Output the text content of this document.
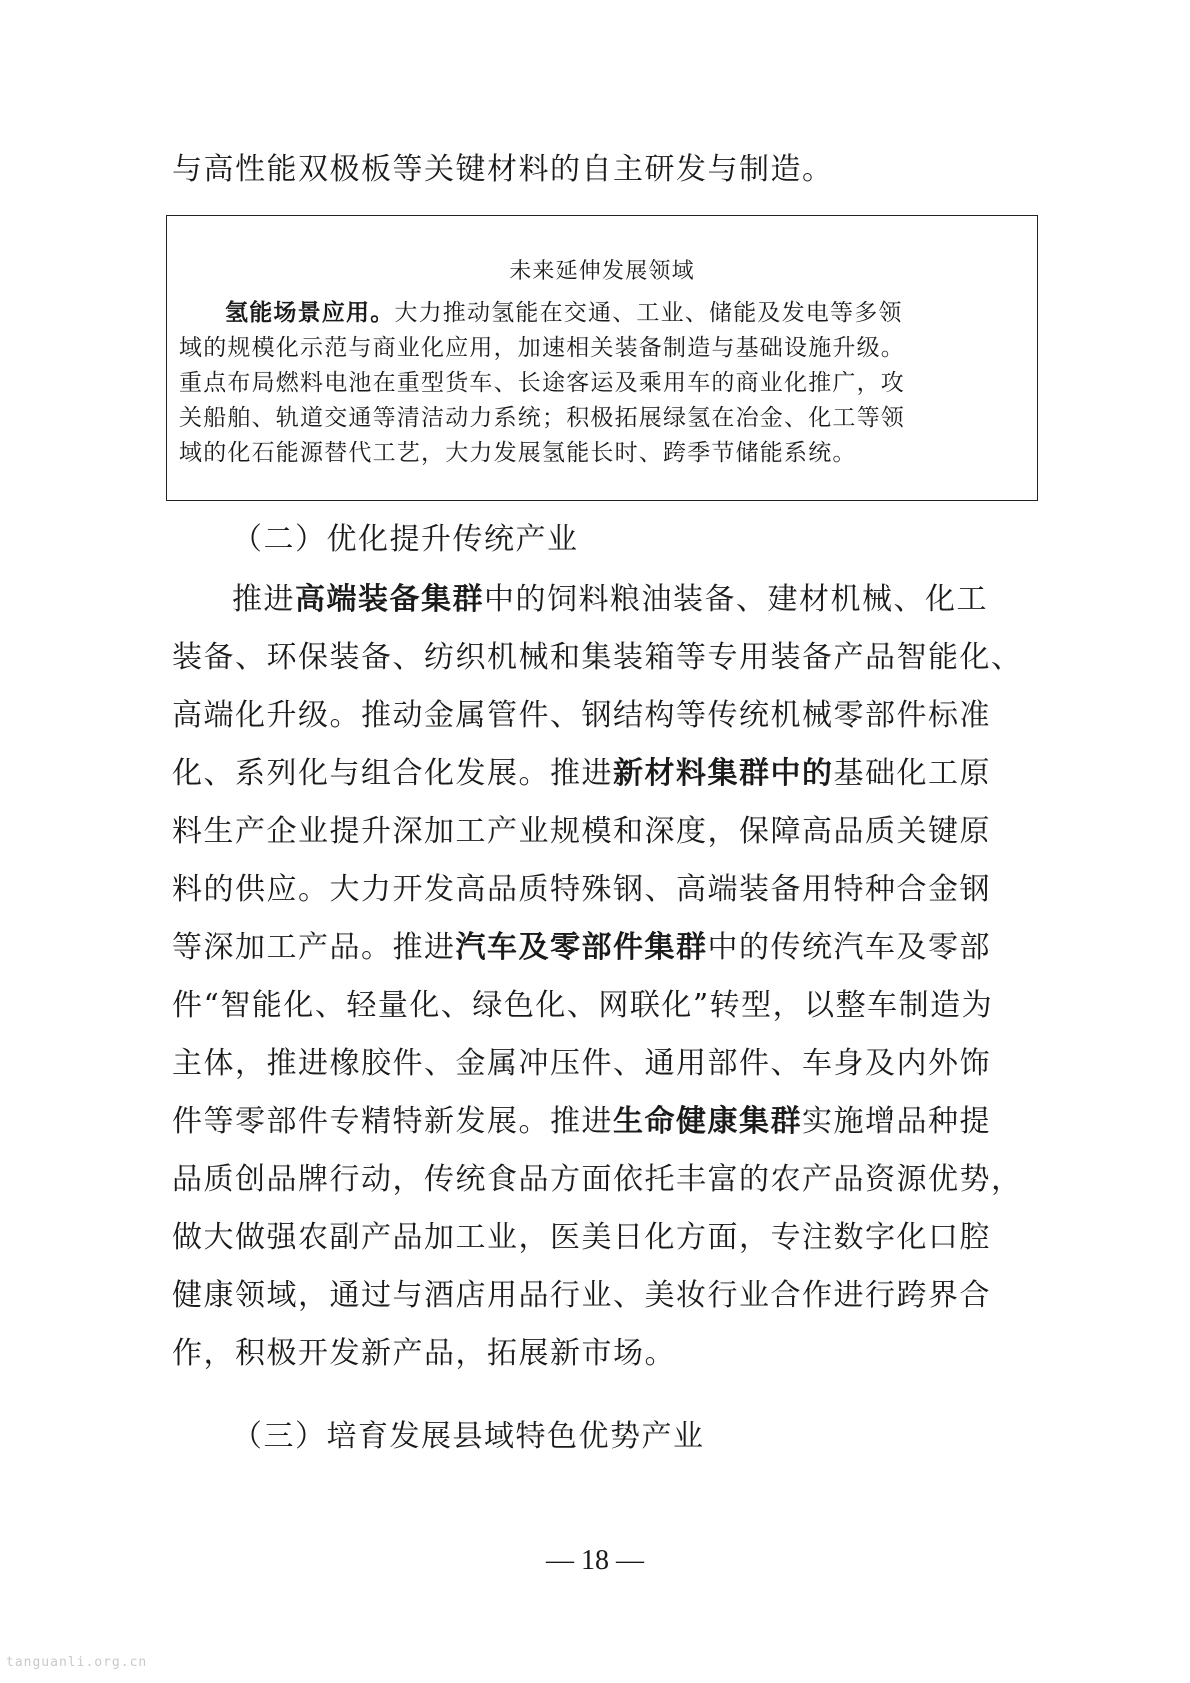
与高性能双极板等关键材料的自主研发与制造。

未来延伸发展领域
氢能场景应用。大力推动氢能在交通、工业、储能及发电等多领
域的规模化示范与商业化应用，加速相关装备制造与基础设施升级。
重点布局燃料电池在重型货车、长途客运及乘用车的商业化推广，攻
关船舶、轨道交通等清洁动力系统；积极拓展绿氢在冶金、化工等领
域的化石能源替代工艺，大力发展氢能长时、跨季节储能系统。

（二）优化提升传统产业

推进高端装备集群中的饲料粮油装备、建材机械、化工

装备、环保装备、纺织机械和集装箱等专用装备产品智能化、

高端化升级。推动金属管件、钢结构等传统机械零部件标准

化、系列化与组合化发展。推进新材料集群中的基础化工原

料生产企业提升深加工产业规模和深度，保障高品质关键原

料的供应。大力开发高品质特殊钢、高端装备用特种合金钢

等深加工产品。推进汽车及零部件集群中的传统汽车及零部

件“智能化、轻量化、绿色化、网联化”转型，以整车制造为

主体，推进橡胶件、金属冲压件、通用部件、车身及内外饰

件等零部件专精特新发展。推进生命健康集群实施增品种提

品质创品牌行动，传统食品方面依托丰富的农产品资源优势，

做大做强农副产品加工业，医美日化方面，专注数字化口腔

健康领域，通过与酒店用品行业、美妆行业合作进行跨界合

作，积极开发新产品，拓展新市场。

（三）培育发展县域特色优势产业

— 18 —
tanguanli.org.cn
